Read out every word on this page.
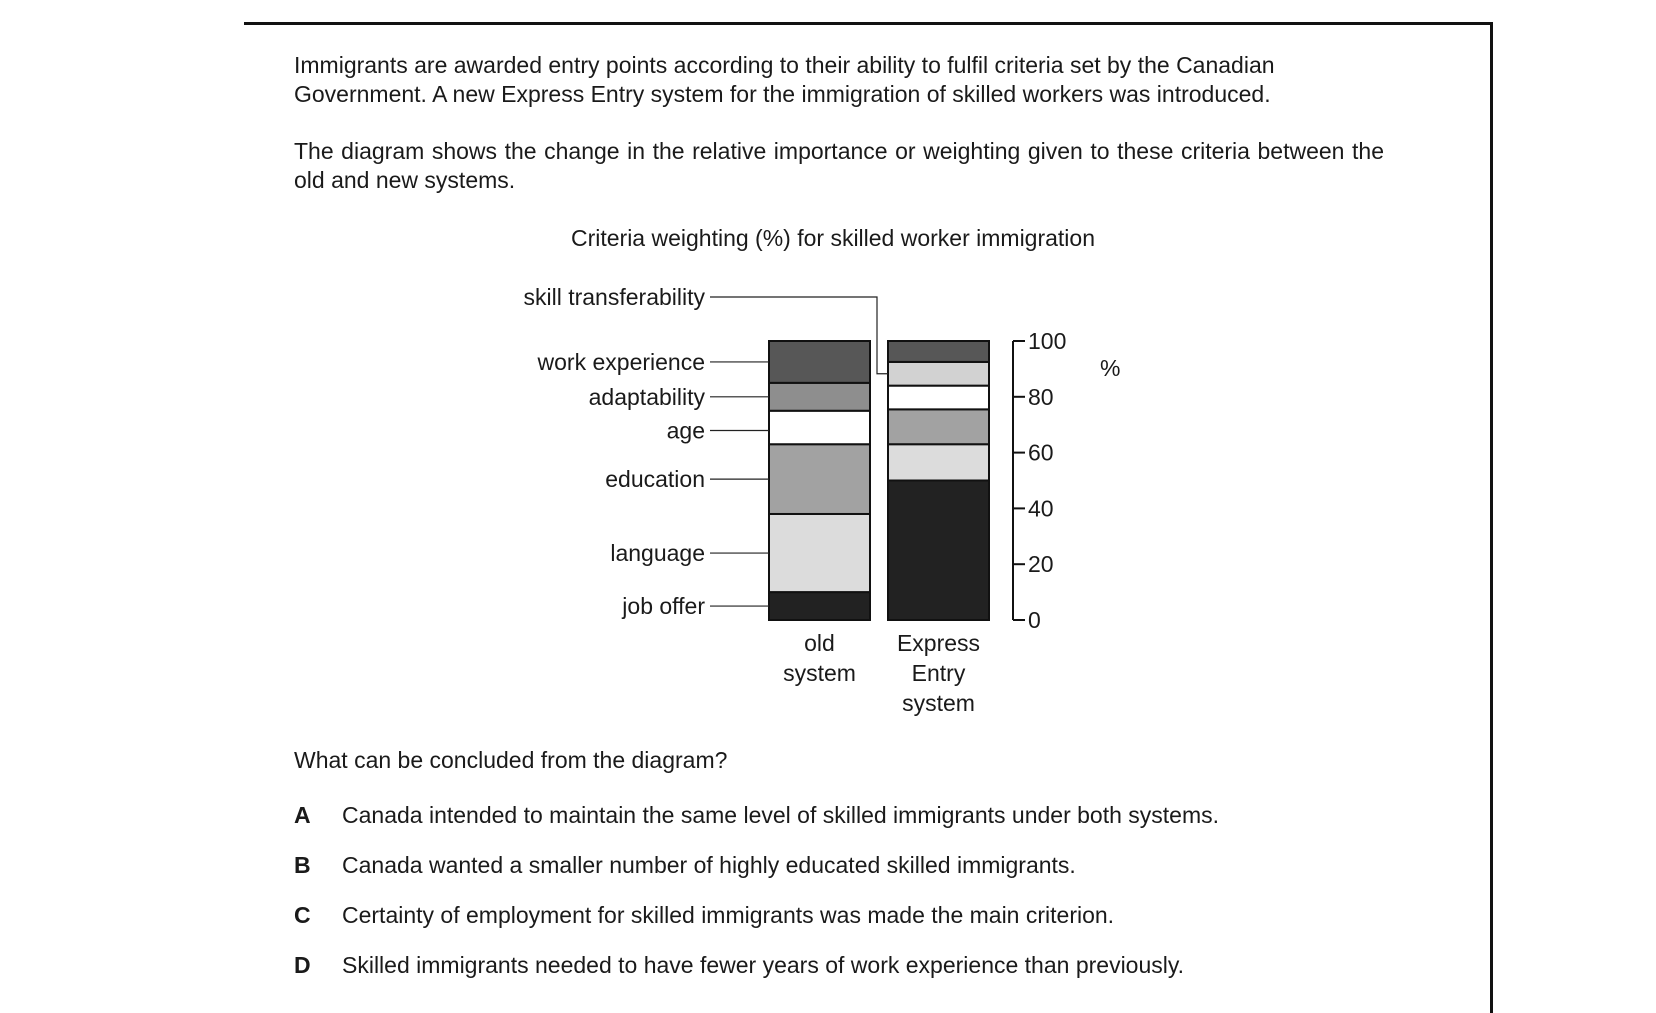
Immigrants are awarded entry points according to their ability to fulfil criteria set by the Canadian Government. A new Express Entry system for the immigration of skilled workers was introduced.

The diagram shows the change in the relative importance or weighting given to these criteria between the old and new systems.

Criteria weighting (%) for skilled worker immigration
job offer
language
education
age
adaptability
skill transferability
work experience
0
20
40
60
80
100
old system
Express Entry system
%

What can be concluded from the diagram?

A Canada intended to maintain the same level of skilled immigrants under both systems.
B Canada wanted a smaller number of highly educated skilled immigrants.
C Certainty of employment for skilled immigrants was made the main criterion.
D Skilled immigrants needed to have fewer years of work experience than previously.
